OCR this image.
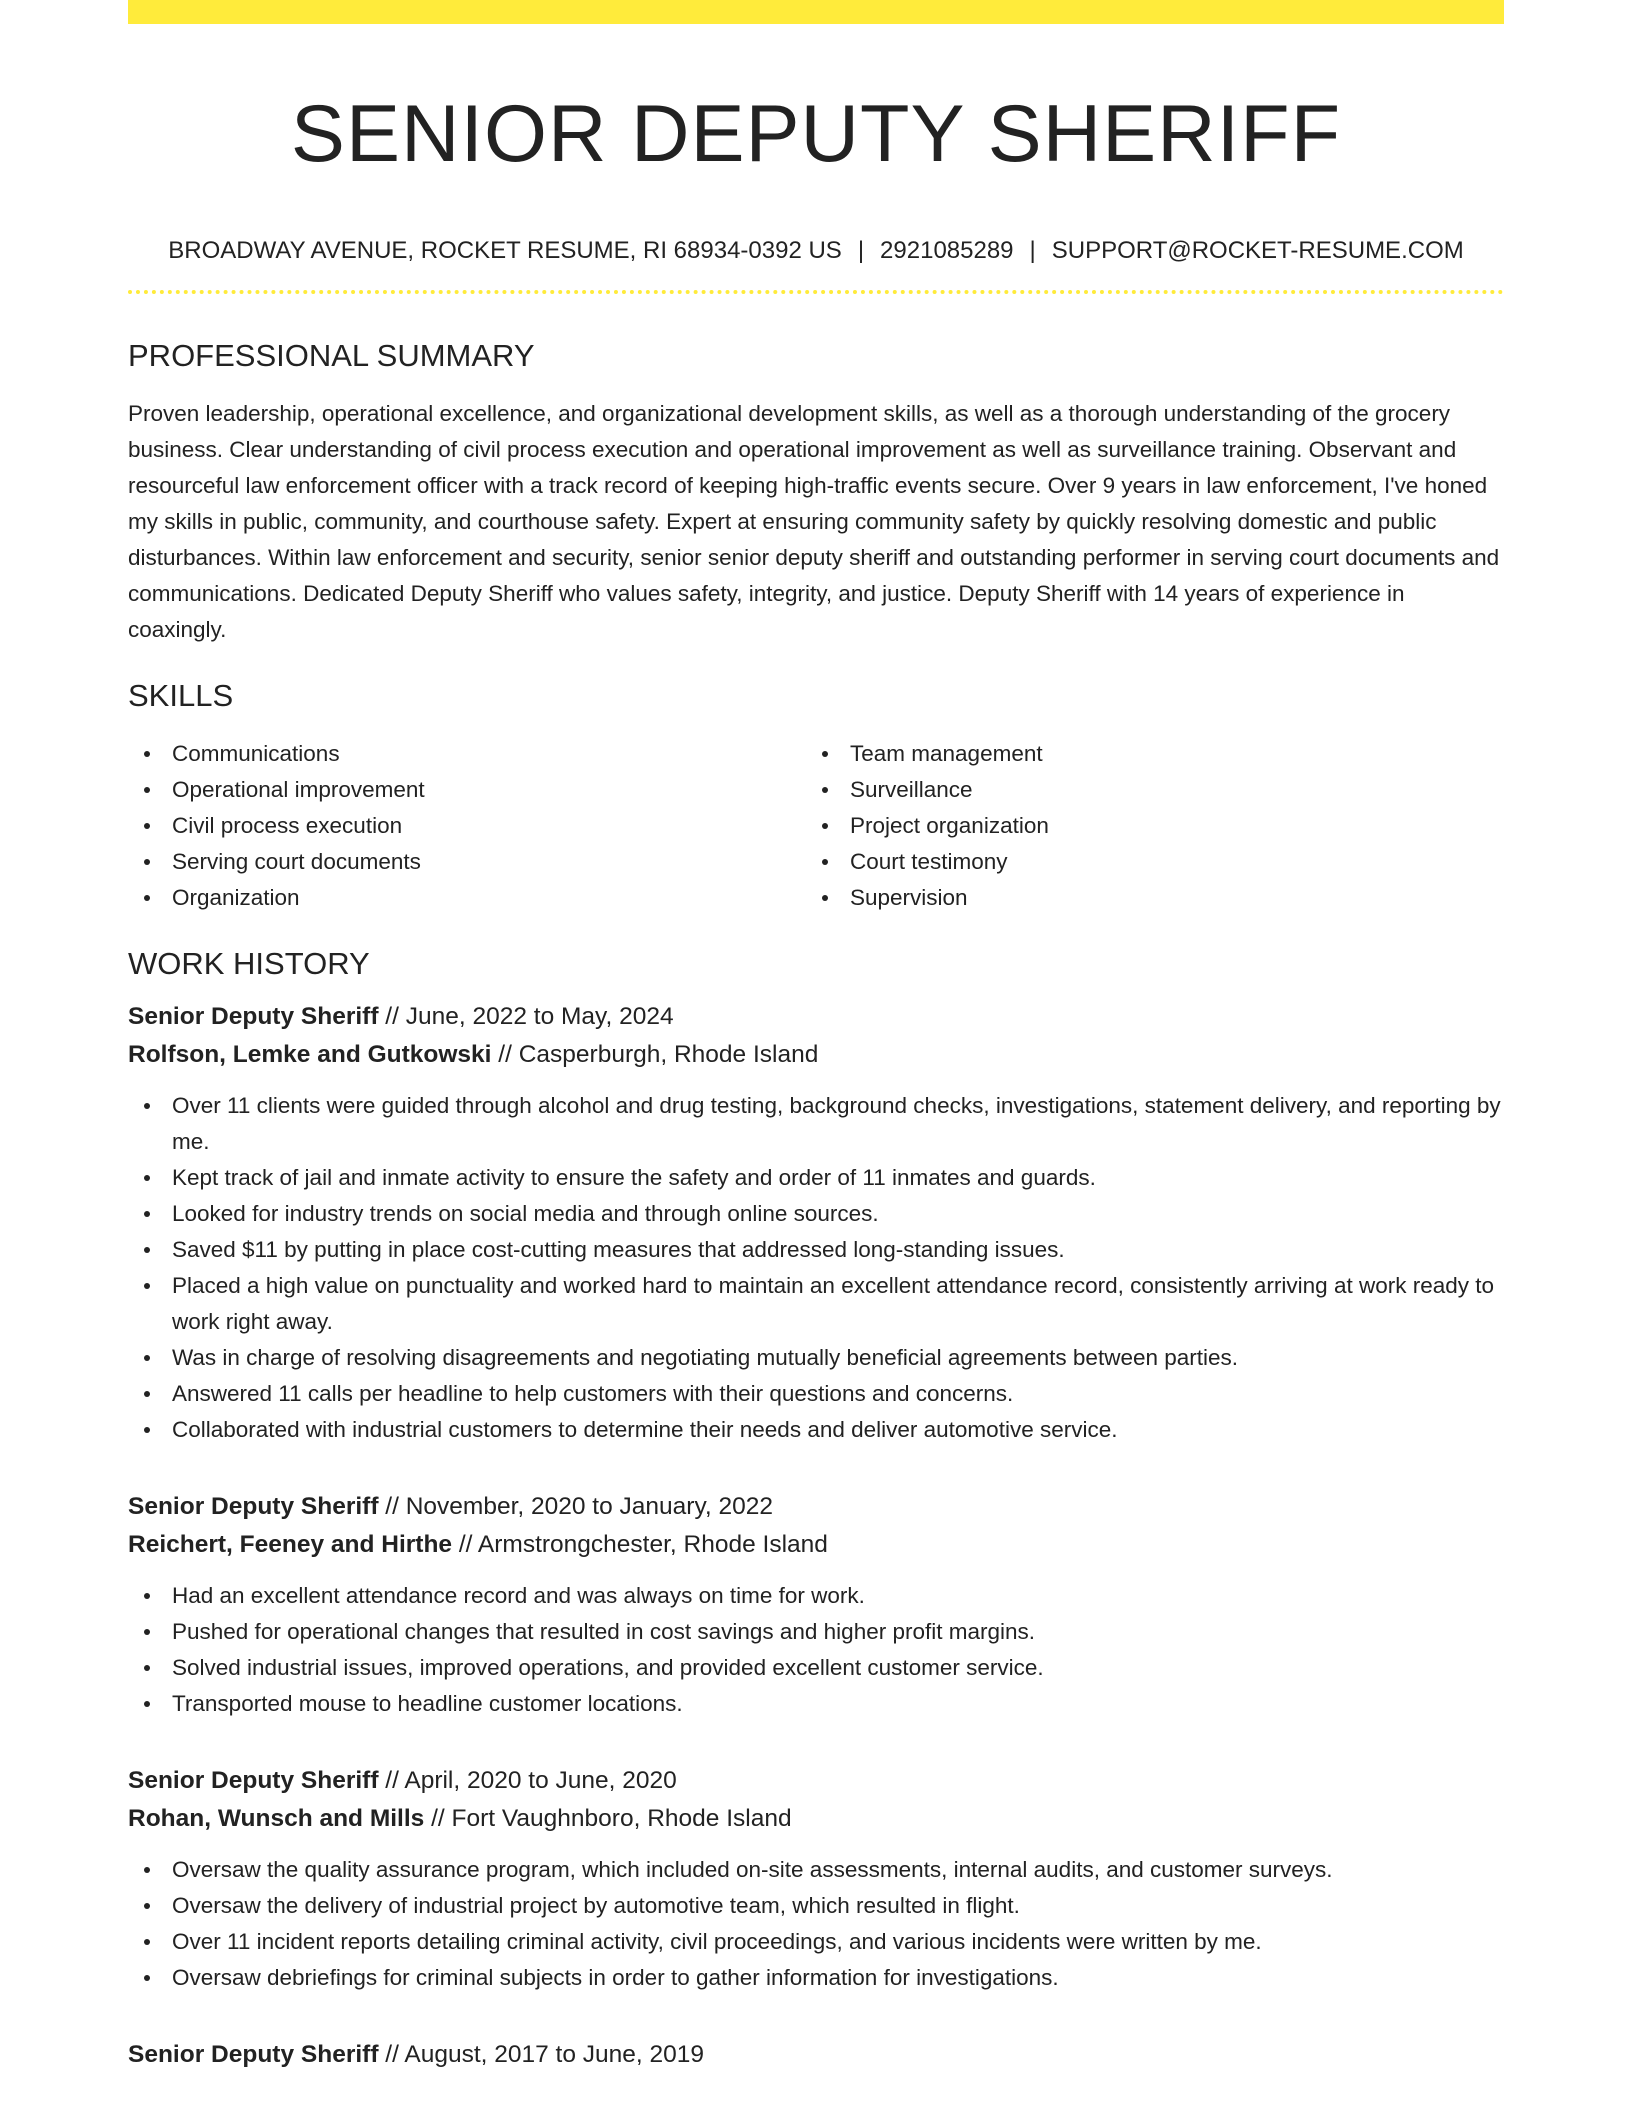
SENIOR DEPUTY SHERIFF
BROADWAY AVENUE, ROCKET RESUME, RI 68934-0392 US | 2921085289 | SUPPORT@ROCKET-RESUME.COM
PROFESSIONAL SUMMARY

Proven leadership, operational excellence, and organizational development skills, as well as a thorough understanding of the grocery business. Clear understanding of civil process execution and operational improvement as well as surveillance training. Observant and resourceful law enforcement officer with a track record of keeping high-traffic events secure. Over 9 years in law enforcement, I've honed my skills in public, community, and courthouse safety. Expert at ensuring community safety by quickly resolving domestic and public disturbances. Within law enforcement and security, senior senior deputy sheriff and outstanding performer in serving court documents and communications. Dedicated Deputy Sheriff who values safety, integrity, and justice. Deputy Sheriff with 14 years of experience in coaxingly.

SKILLS
Communications
Operational improvement
Civil process execution
Serving court documents
Organization
Team management
Surveillance
Project organization
Court testimony
Supervision
WORK HISTORY
Senior Deputy Sheriff // June, 2022 to May, 2024
Rolfson, Lemke and Gutkowski // Casperburgh, Rhode Island
Over 11 clients were guided through alcohol and drug testing, background checks, investigations, statement delivery, and reporting by me.
Kept track of jail and inmate activity to ensure the safety and order of 11 inmates and guards.
Looked for industry trends on social media and through online sources.
Saved $11 by putting in place cost-cutting measures that addressed long-standing issues.
Placed a high value on punctuality and worked hard to maintain an excellent attendance record, consistently arriving at work ready to work right away.
Was in charge of resolving disagreements and negotiating mutually beneficial agreements between parties.
Answered 11 calls per headline to help customers with their questions and concerns.
Collaborated with industrial customers to determine their needs and deliver automotive service.
Senior Deputy Sheriff // November, 2020 to January, 2022
Reichert, Feeney and Hirthe // Armstrongchester, Rhode Island
Had an excellent attendance record and was always on time for work.
Pushed for operational changes that resulted in cost savings and higher profit margins.
Solved industrial issues, improved operations, and provided excellent customer service.
Transported mouse to headline customer locations.
Senior Deputy Sheriff // April, 2020 to June, 2020
Rohan, Wunsch and Mills // Fort Vaughnboro, Rhode Island
Oversaw the quality assurance program, which included on-site assessments, internal audits, and customer surveys.
Oversaw the delivery of industrial project by automotive team, which resulted in flight.
Over 11 incident reports detailing criminal activity, civil proceedings, and various incidents were written by me.
Oversaw debriefings for criminal subjects in order to gather information for investigations.
Senior Deputy Sheriff // August, 2017 to June, 2019
